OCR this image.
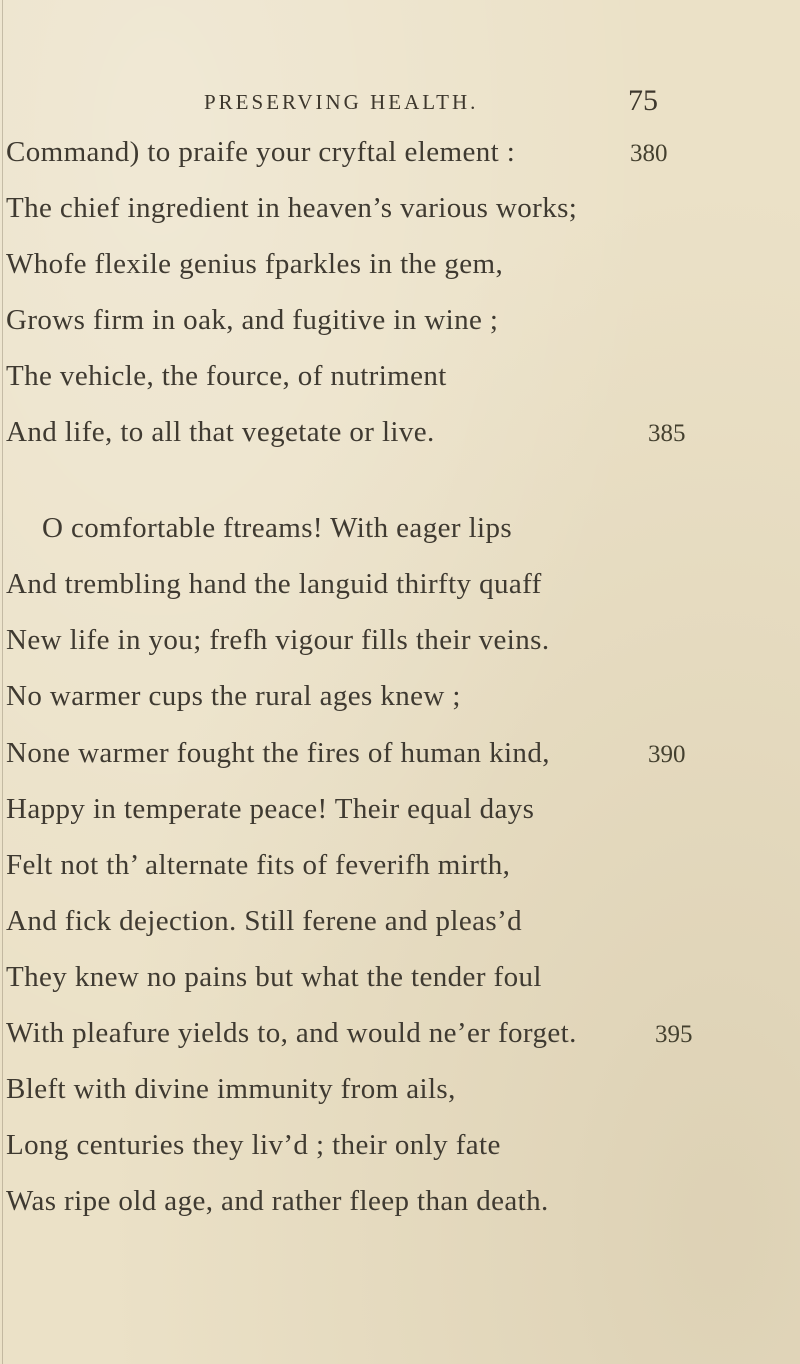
PRESERVING HEALTH.	75
Command) to praife your cryftal element :
The chief ingredient in heaven’s various works;
Whofe flexile genius fparkles in the gem,
Grows firm in oak, and fugitive in wine ;
The vehicle, the fource, of nutriment
And life, to all that vegetate or live.
O comfortable ftreams! With eager lips
And trembling hand the languid thirfty quaff
New life in you; frefh vigour fills their veins.
No warmer cups the rural ages knew ;
None warmer fought the fires of human kind,
Happy in temperate peace! Their equal days
Felt not th’ alternate fits of feverifh mirth,
And fick dejection. Still ferene and pleas’d
They knew no pains but what the tender foul
With pleafure yields to, and would ne’er forget.
Bleft with divine immunity from ails,
Long centuries they liv’d ; their only fate
Was ripe old age, and rather fleep than death.
380
385
390
395
